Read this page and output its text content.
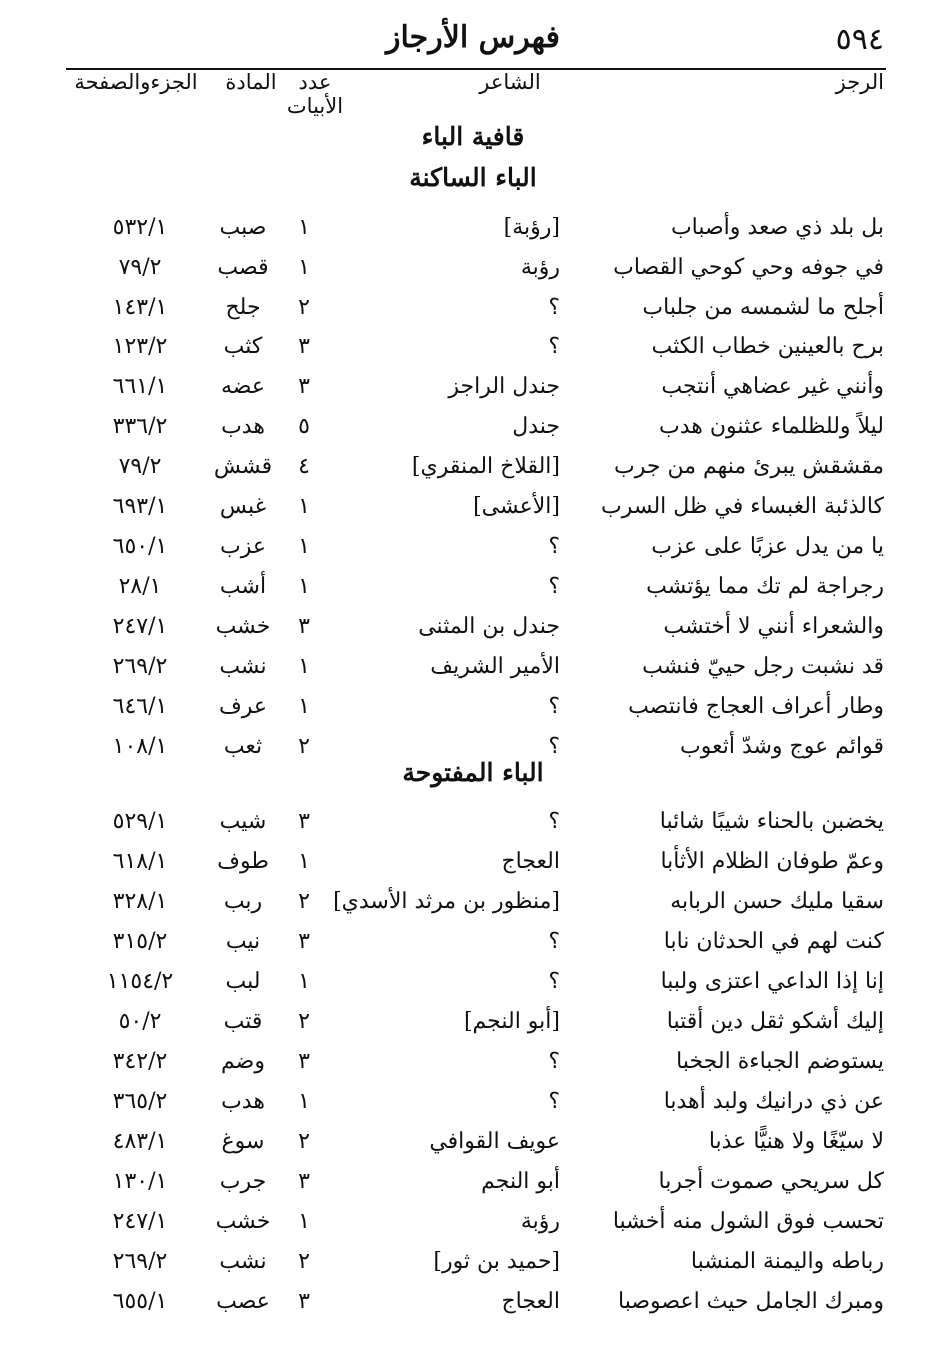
٥٩٤
فهرس الأرجاز
الرجز
الشاعر
عدد
الأبيات
المادة
الجزءوالصفحة
قافية الباء
الباء الساكنة
الباء المفتوحة
بل بلد ذي صعد وأصباب
[رؤبة]
١
صبب
٥٣٢/١
في جوفه وحي كوحي القصاب
رؤبة
١
قصب
٧٩/٢
أجلح ما لشمسه من جلباب
؟
٢
جلح
١٤٣/١
برح بالعينين خطاب الكثب
؟
٣
كثب
١٢٣/٢
وأنني غير عضاهي أنتجب
جندل الراجز
٣
عضه
٦٦١/١
ليلاً وللظلماء عثنون هدب
جندل
٥
هدب
٣٣٦/٢
مقشقش يبرئ منهم من جرب
[القلاخ المنقري]
٤
قشش
٧٩/٢
كالذئبة الغبساء في ظل السرب
[الأعشى]
١
غبس
٦٩٣/١
يا من يدل عزبًا على عزب
؟
١
عزب
٦٥٠/١
رجراجة لم تك مما يؤتشب
؟
١
أشب
٢٨/١
والشعراء أنني لا أختشب
جندل بن المثنى
٣
خشب
٢٤٧/١
قد نشبت رجل حييّ فنشب
الأمير الشريف
١
نشب
٢٦٩/٢
وطار أعراف العجاج فانتصب
؟
١
عرف
٦٤٦/١
قوائم عوج وشدّ أثعوب
؟
٢
ثعب
١٠٨/١
يخضبن بالحناء شيبًا شائبا
؟
٣
شيب
٥٢٩/١
وعمّ طوفان الظلام الأثأبا
العجاج
١
طوف
٦١٨/١
سقيا مليك حسن الربابه
[منظور بن مرثد الأسدي]
٢
ربب
٣٢٨/١
كنت لهم في الحدثان نابا
؟
٣
نيب
٣١٥/٢
إنا إذا الداعي اعتزى ولببا
؟
١
لبب
١١٥٤/٢
إليك أشكو ثقل دين أقتبا
[أبو النجم]
٢
قتب
٥٠/٢
يستوضم الجباءة الجخبا
؟
٣
وضم
٣٤٢/٢
عن ذي درانيك ولبد أهدبا
؟
١
هدب
٣٦٥/٢
لا سيّغًا ولا هنيًّا عذبا
عويف القوافي
٢
سوغ
٤٨٣/١
كل سريحي صموت أجربا
أبو النجم
٣
جرب
١٣٠/١
تحسب فوق الشول منه أخشبا
رؤبة
١
خشب
٢٤٧/١
رباطه واليمنة المنشبا
[حميد بن ثور]
٢
نشب
٢٦٩/٢
ومبرك الجامل حيث اعصوصبا
العجاج
٣
عصب
٦٥٥/١
